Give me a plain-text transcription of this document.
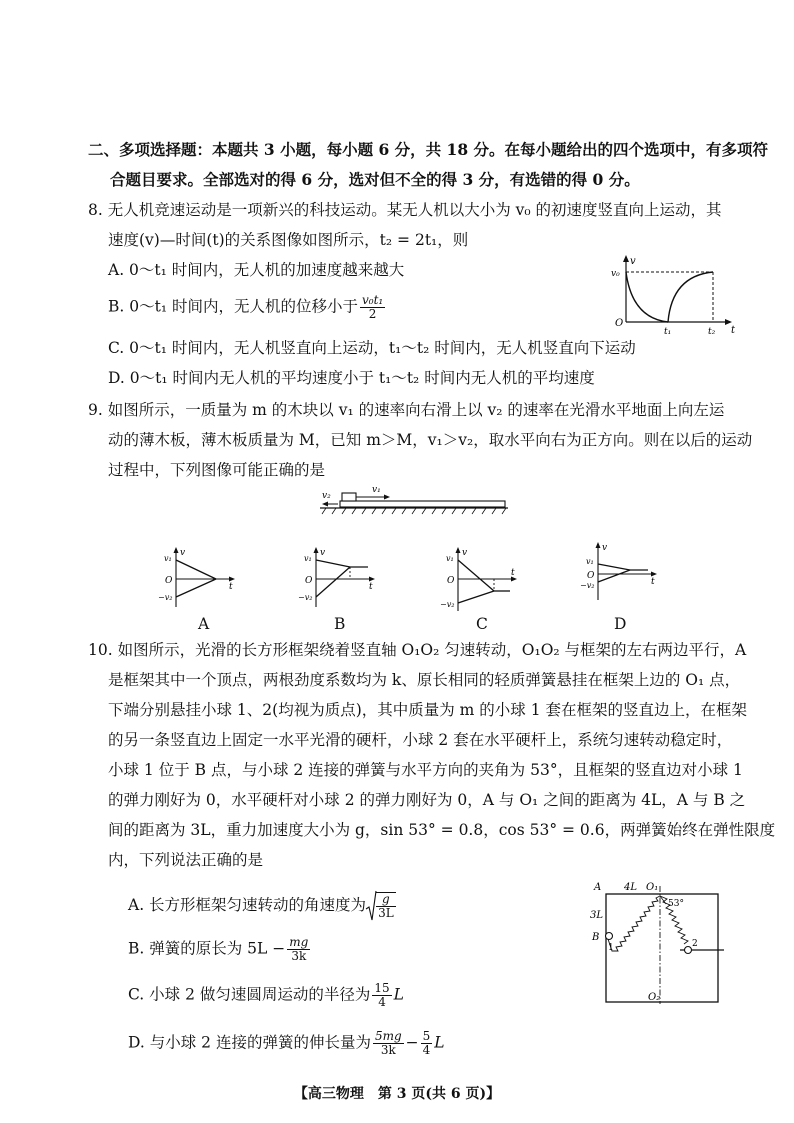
二、多项选择题：本题共 3 小题，每小题 6 分，共 18 分。在每小题给出的四个选项中，有多项符
合题目要求。全部选对的得 6 分，选对但不全的得 3 分，有选错的得 0 分。
8. 无人机竞速运动是一项新兴的科技运动。某无人机以大小为 v₀ 的初速度竖直向上运动，其
速度(v)—时间(t)的关系图像如图所示，t₂ = 2t₁，则
A. 0～t₁ 时间内，无人机的加速度越来越大
B. 0～t₁ 时间内，无人机的位移小于 $\frac{\text{v₀t₁}}{2}$
C. 0～t₁ 时间内，无人机竖直向上运动，t₁～t₂ 时间内，无人机竖直向下运动
D. 0～t₁ 时间内无人机的平均速度小于 t₁～t₂ 时间内无人机的平均速度
v
v₀
O
t₁	t₂ t
9. 如图所示，一质量为 m 的木块以 v₁ 的速率向右滑上以 v₂ 的速率在光滑水平地面上向左运
动的薄木板，薄木板质量为 M，已知 m＞M，v₁＞v₂，取水平向右为正方向。则在以后的运动
过程中，下列图像可能正确的是
v₁
v₂
v₁
v
O
−v₂
t
v₁
v
O
−v₂
t
v₁
v
O
−v₂
t
v₁
v
O
−v₂	t
A	B	C	D
10. 如图所示，光滑的长方形框架绕着竖直轴 O₁O₂ 匀速转动，O₁O₂ 与框架的左右两边平行，A
是框架其中一个顶点，两根劲度系数均为 k、原长相同的轻质弹簧悬挂在框架上边的 O₁ 点，
下端分别悬挂小球 1、2(均视为质点)，其中质量为 m 的小球 1 套在框架的竖直边上，在框架
的另一条竖直边上固定一水平光滑的硬杆，小球 2 套在水平硬杆上，系统匀速转动稳定时，
小球 1 位于 B 点，与小球 2 连接的弹簧与水平方向的夹角为 53°，且框架的竖直边对小球 1
的弹力刚好为 0，水平硬杆对小球 2 的弹力刚好为 0，A 与 O₁ 之间的距离为 4L，A 与 B 之
间的距离为 3L，重力加速度大小为 g，sin 53° = 0.8，cos 53° = 0.6，两弹簧始终在弹性限度
内，下列说法正确的是
A. 长方形框架匀速转动的角速度为 $\frac{g}{3L}$
B. 弹簧的原长为 $5L - \frac{mg}{3k}$
C. 小球 2 做匀速圆周运动的半径为 $\frac{15}{4}$ L
D. 与小球 2 连接的弹簧的伸长量为 $\frac{5mg}{3k} - \frac{5}{4}$ L
A 4L O₁
53°
3L
B
1	2
O₂
【高三物理　第 3 页(共 6 页)】
